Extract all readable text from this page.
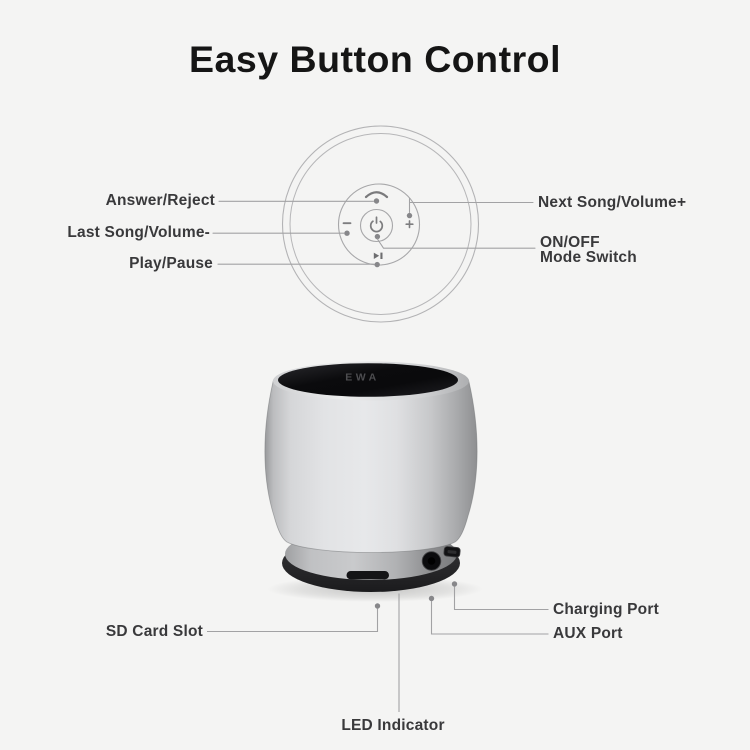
Easy Button Control
EWA
Answer/Reject
Last Song/Volume-
Play/Pause
Next Song/Volume+
ON/OFF
Mode Switch
SD Card Slot
Charging Port
AUX Port
LED Indicator
